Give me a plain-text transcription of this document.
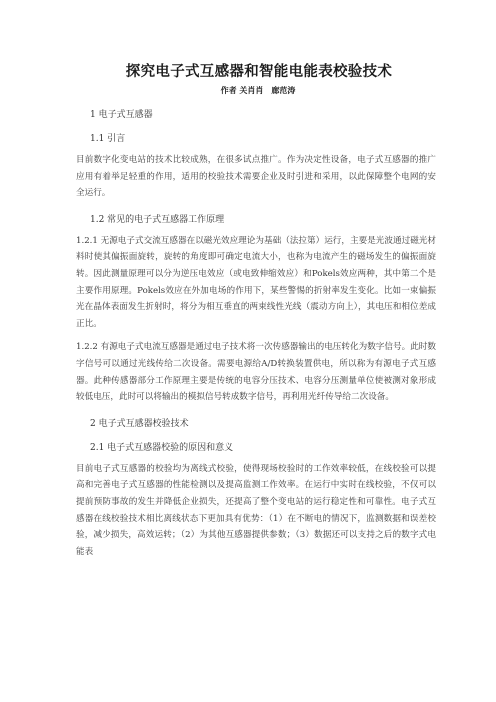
探究电子式互感器和智能电能表校验技术
作者 关肖肖 廊范涛
1 电子式互感器
1.1 引言
目前数字化变电站的技术比较成熟，在很多试点推广。作为决定性设备，电子式互感器的推广应用有着举足轻重的作用，适用的校验技术需要企业及时引进和采用，以此保障整个电网的安全运行。
1.2 常见的电子式互感器工作原理
1.2.1 无源电子式交流互感器在以磁光效应理论为基础（法拉第）运行，主要是光波通过磁光材料时使其偏振面旋转，旋转的角度即可确定电流大小，也称为电流产生的磁场发生的偏振面旋转。因此测量原理可以分为逆压电效应（或电致伸缩效应）和Pokels效应两种，其中第二个是主要作用原理。Pokels效应在外加电场的作用下，某些警惕的折射率发生变化。比如一束偏振光在晶体表面发生折射时，将分为相互垂直的两束线性光线（震动方向上），其电压和相位差成正比。
1.2.2 有源电子式电流互感器是通过电子技术将一次传感器输出的电压转化为数字信号。此时数字信号可以通过光线传给二次设备。需要电源给A/D转换装置供电，所以称为有源电子式互感器。此种传感器部分工作原理主要是传统的电容分压技术、电容分压测量单位使被测对象形成较低电压，此时可以将输出的模拟信号转成数字信号，再利用光纤传导给二次设备。
2 电子式互感器校验技术
2.1 电子式互感器校验的原因和意义
目前电子式互感器的校验均为离线式校验，使得现场校验时的工作效率较低，在线校验可以提高和完善电子式互感器的性能检测以及提高监测工作效率。在运行中实时在线校验，不仅可以提前预防事故的发生并降低企业损失，还提高了整个变电站的运行稳定性和可靠性。电子式互感器在线校验技术相比离线状态下更加具有优势：（1）在不断电的情况下，监测数据和误差校验，减少损失，高效运转；（2）为其他互感器提供参数；（3）数据还可以支持之后的数字式电能表
